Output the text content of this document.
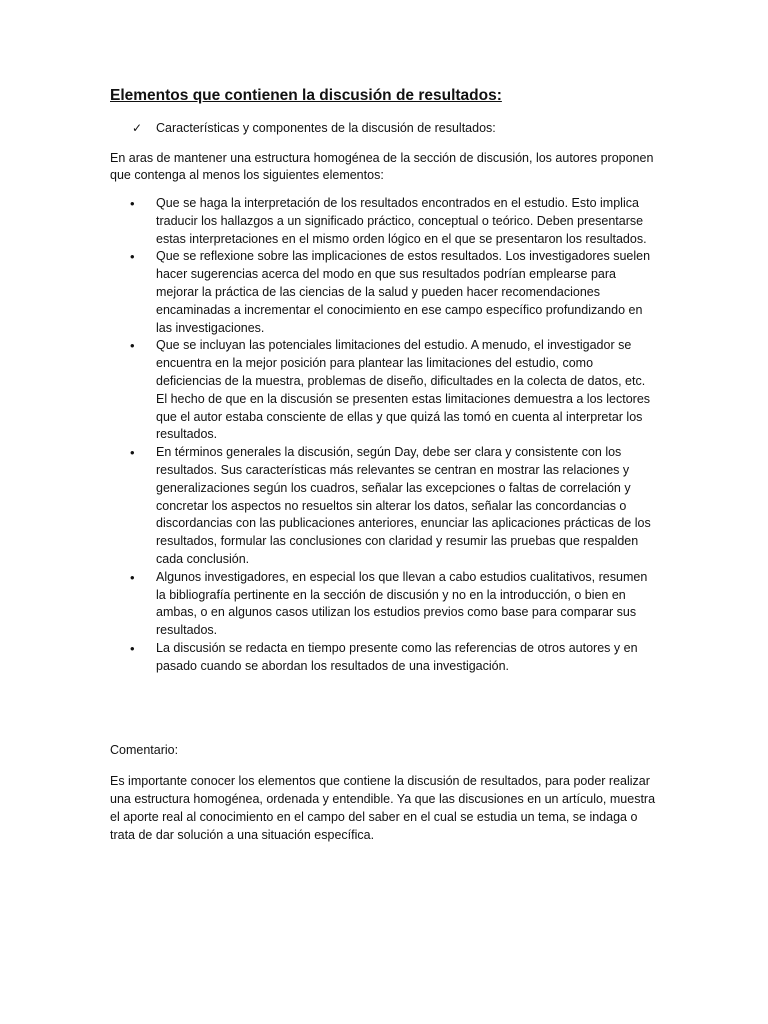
Elementos que contienen la discusión de resultados:
✓	Características y componentes de la discusión de resultados:

En aras de mantener una estructura homogénea de la sección de discusión, los autores proponen que contenga al menos los siguientes elementos:

•	Que se haga la interpretación de los resultados encontrados en el estudio. Esto implica traducir los hallazgos a un significado práctico, conceptual o teórico. Deben presentarse estas interpretaciones en el mismo orden lógico en el que se presentaron los resultados.
•	Que se reflexione sobre las implicaciones de estos resultados. Los investigadores suelen hacer sugerencias acerca del modo en que sus resultados podrían emplearse para mejorar la práctica de las ciencias de la salud y pueden hacer recomendaciones encaminadas a incrementar el conocimiento en ese campo específico profundizando en las investigaciones.
•	Que se incluyan las potenciales limitaciones del estudio. A menudo, el investigador se encuentra en la mejor posición para plantear las limitaciones del estudio, como deficiencias de la muestra, problemas de diseño, dificultades en la colecta de datos, etc. El hecho de que en la discusión se presenten estas limitaciones demuestra a los lectores que el autor estaba consciente de ellas y que quizá las tomó en cuenta al interpretar los resultados.
•	En términos generales la discusión, según Day, debe ser clara y consistente con los resultados. Sus características más relevantes se centran en mostrar las relaciones y generalizaciones según los cuadros, señalar las excepciones o faltas de correlación y concretar los aspectos no resueltos sin alterar los datos, señalar las concordancias o discordancias con las publicaciones anteriores, enunciar las aplicaciones prácticas de los resultados, formular las conclusiones con claridad y resumir las pruebas que respalden cada conclusión.
•	Algunos investigadores, en especial los que llevan a cabo estudios cualitativos, resumen la bibliografía pertinente en la sección de discusión y no en la introducción, o bien en ambas, o en algunos casos utilizan los estudios previos como base para comparar sus resultados.
•	La discusión se redacta en tiempo presente como las referencias de otros autores y en pasado cuando se abordan los resultados de una investigación.

Comentario:

Es importante conocer los elementos que contiene la discusión de resultados, para poder realizar una estructura homogénea, ordenada y entendible. Ya que las discusiones en un artículo, muestra el aporte real al conocimiento en el campo del saber en el cual se estudia un tema, se indaga o trata de dar solución a una situación específica.
